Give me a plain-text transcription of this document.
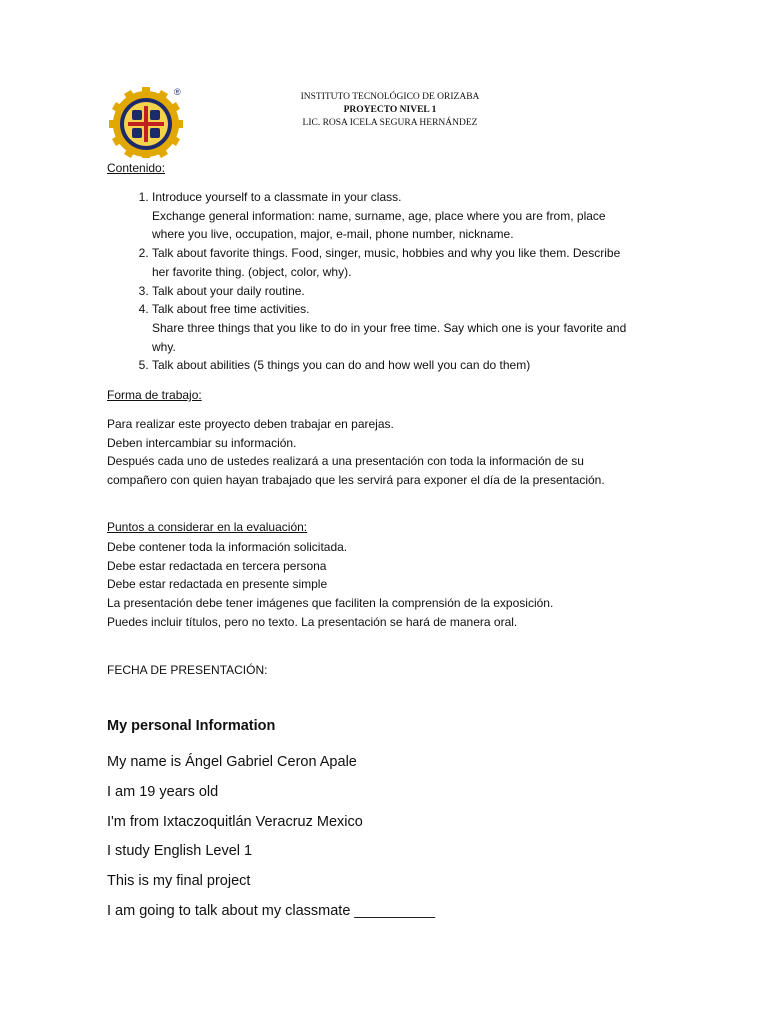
®	INSTITUTO TECNOLÓGICO DE ORIZABA
PROYECTO NIVEL 1
LIC. ROSA ICELA SEGURA HERNÁNDEZ
Contenido:
1. Introduce yourself to a classmate in your class.
Exchange general information: name, surname, age, place where you are from, place
where you live, occupation, major, e-mail, phone number, nickname.
2. Talk about favorite things. Food, singer, music, hobbies and why you like them. Describe
her favorite thing. (object, color, why).
3. Talk about your daily routine.
4. Talk about free time activities.
Share three things that you like to do in your free time. Say which one is your favorite and
why.
5. Talk about abilities (5 things you can do and how well you can do them)
Forma de trabajo:
Para realizar este proyecto deben trabajar en parejas.
Deben intercambiar su información.
Después cada uno de ustedes realizará a una presentación con toda la información de su
compañero con quien hayan trabajado que les servirá para exponer el día de la presentación.
Puntos a considerar en la evaluación:
Debe contener toda la información solicitada.
Debe estar redactada en tercera persona
Debe estar redactada en presente simple
La presentación debe tener imágenes que faciliten la comprensión de la exposición.
Puedes incluir títulos, pero no texto. La presentación se hará de manera oral.
FECHA DE PRESENTACIÓN:
My personal Information
My name is Ángel Gabriel Ceron Apale
I am 19 years old
I'm from Ixtaczoquitlán Veracruz Mexico
I study English Level 1
This is my final project
I am going to talk about my classmate __________
